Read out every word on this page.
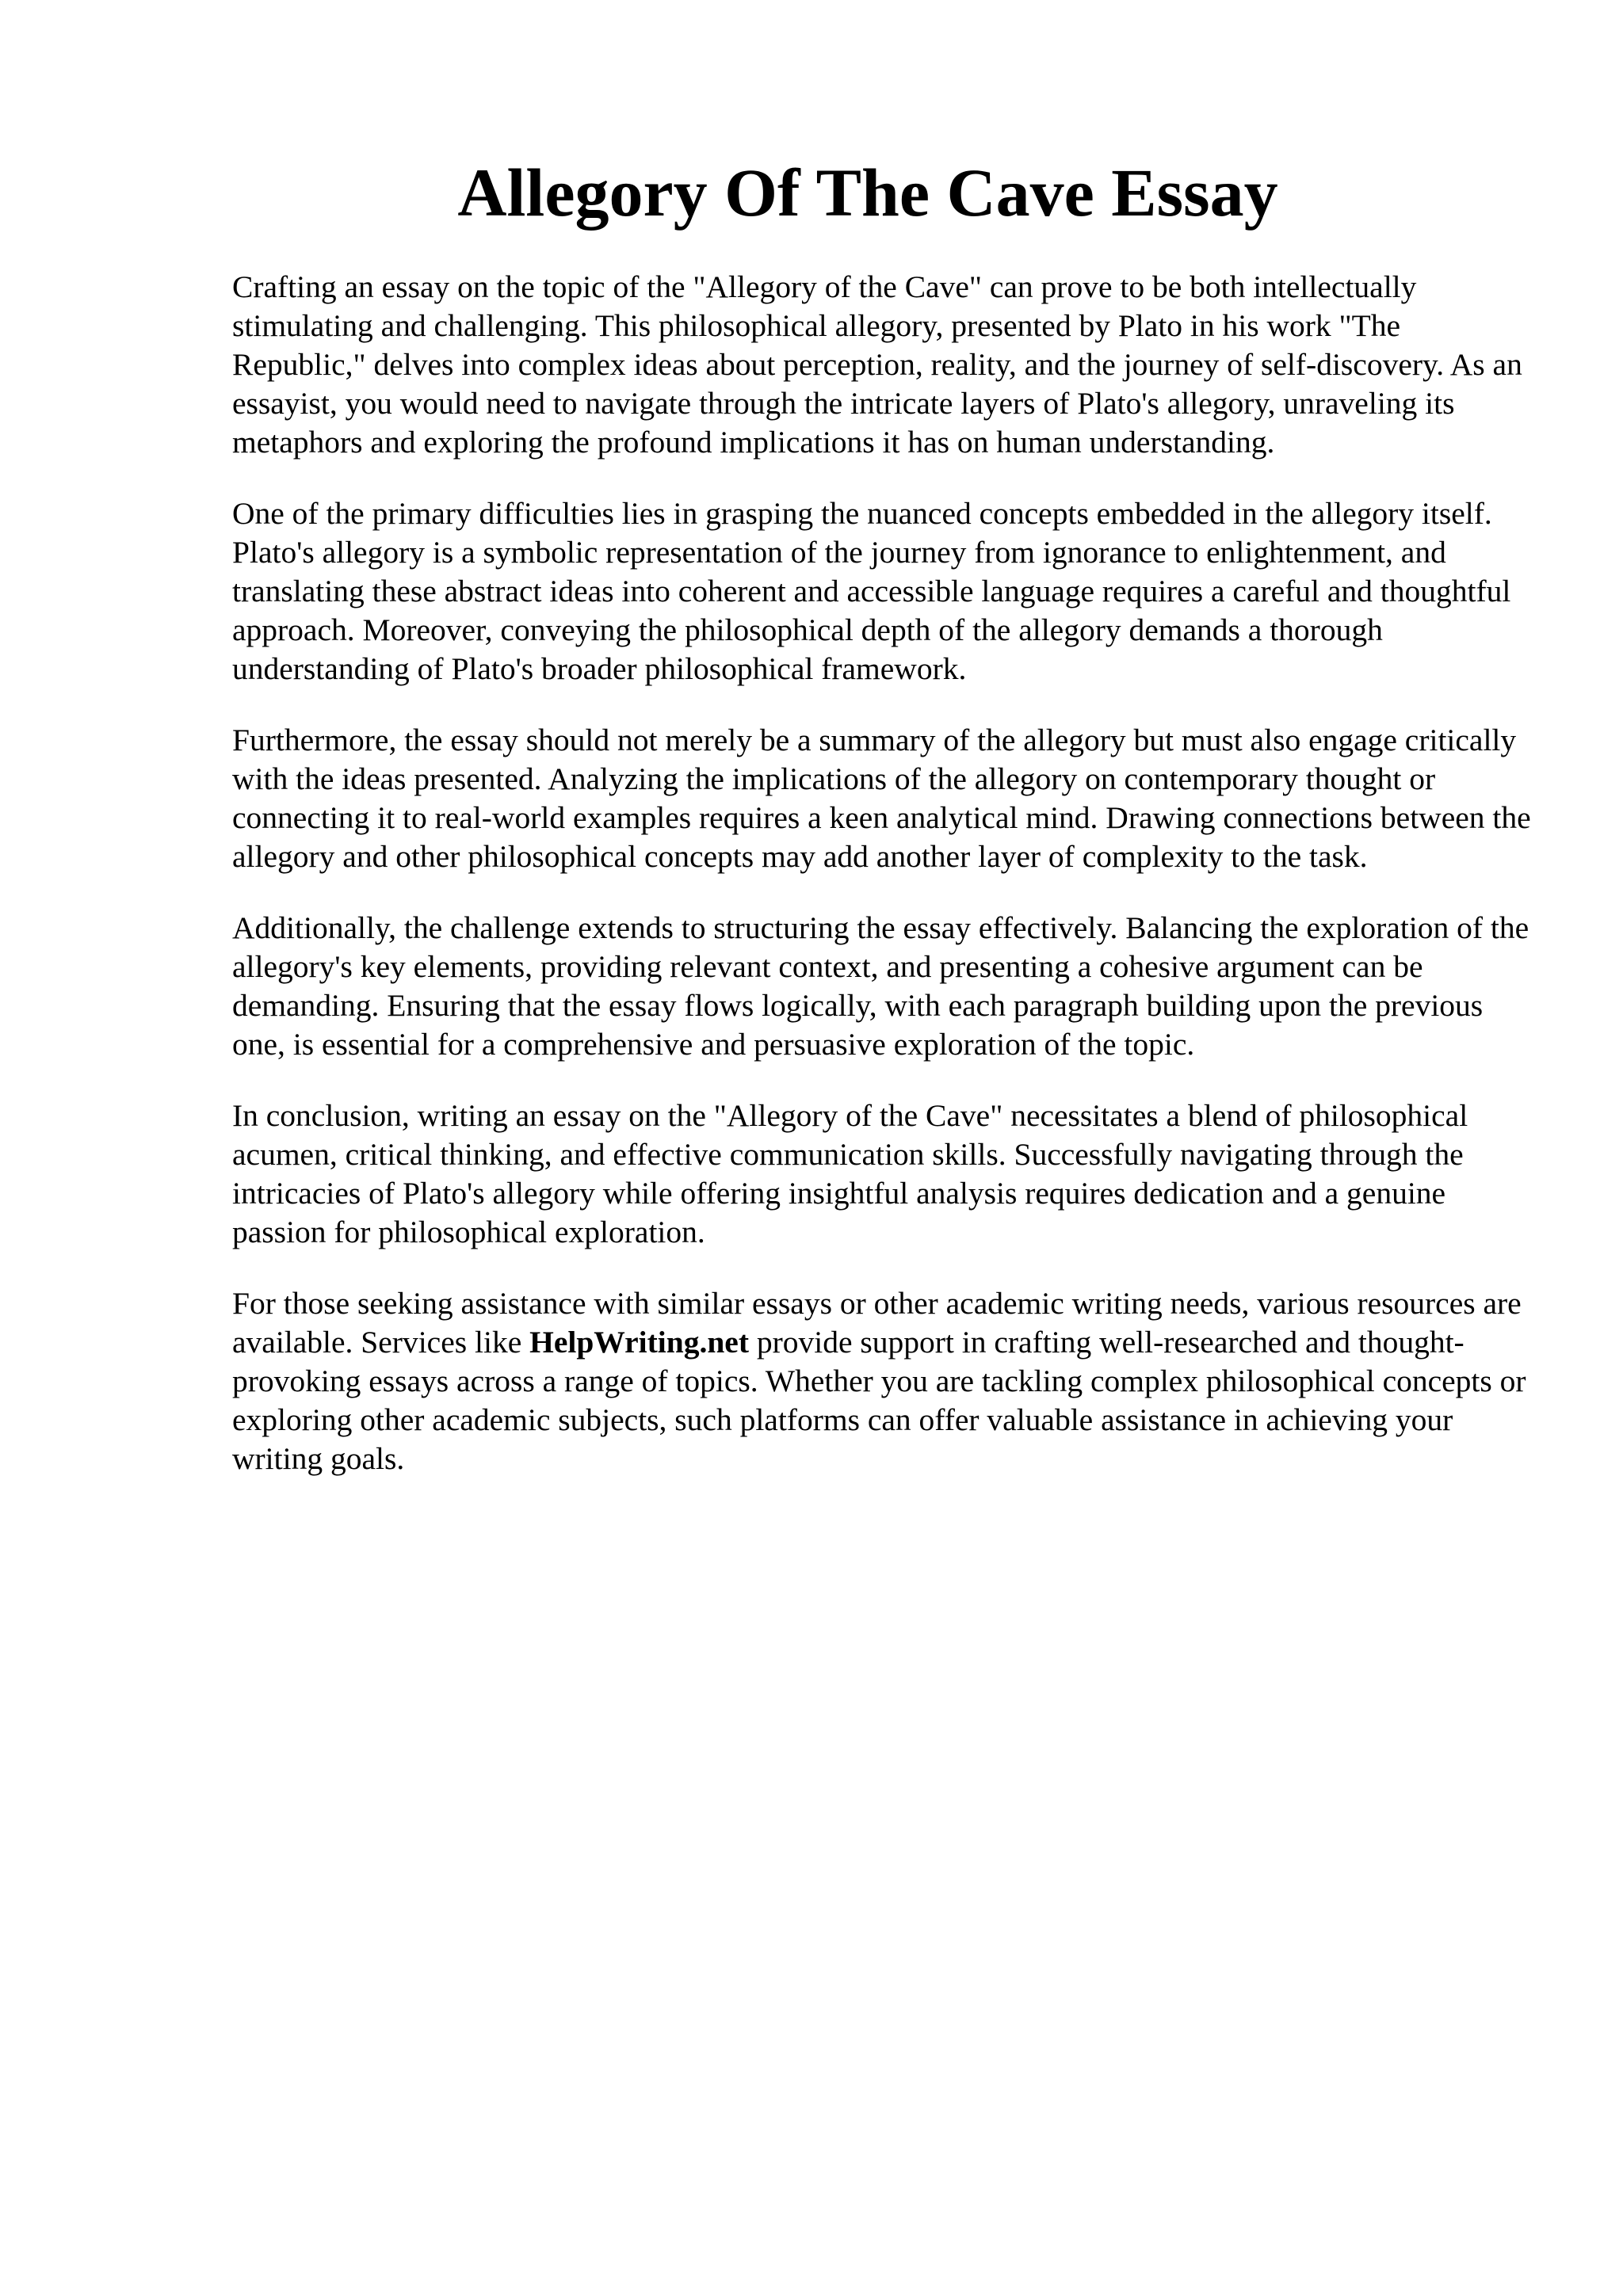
Allegory Of The Cave Essay

Crafting an essay on the topic of the "Allegory of the Cave" can prove to be both intellectually stimulating and challenging. This philosophical allegory, presented by Plato in his work "The Republic," delves into complex ideas about perception, reality, and the journey of self-discovery. As an essayist, you would need to navigate through the intricate layers of Plato's allegory, unraveling its metaphors and exploring the profound implications it has on human understanding.

One of the primary difficulties lies in grasping the nuanced concepts embedded in the allegory itself. Plato's allegory is a symbolic representation of the journey from ignorance to enlightenment, and translating these abstract ideas into coherent and accessible language requires a careful and thoughtful approach. Moreover, conveying the philosophical depth of the allegory demands a thorough understanding of Plato's broader philosophical framework.

Furthermore, the essay should not merely be a summary of the allegory but must also engage critically with the ideas presented. Analyzing the implications of the allegory on contemporary thought or connecting it to real-world examples requires a keen analytical mind. Drawing connections between the allegory and other philosophical concepts may add another layer of complexity to the task.

Additionally, the challenge extends to structuring the essay effectively. Balancing the exploration of the allegory's key elements, providing relevant context, and presenting a cohesive argument can be demanding. Ensuring that the essay flows logically, with each paragraph building upon the previous one, is essential for a comprehensive and persuasive exploration of the topic.

In conclusion, writing an essay on the "Allegory of the Cave" necessitates a blend of philosophical acumen, critical thinking, and effective communication skills. Successfully navigating through the intricacies of Plato's allegory while offering insightful analysis requires dedication and a genuine passion for philosophical exploration.

For those seeking assistance with similar essays or other academic writing needs, various resources are available. Services like HelpWriting.net provide support in crafting well-researched and thought-provoking essays across a range of topics. Whether you are tackling complex philosophical concepts or exploring other academic subjects, such platforms can offer valuable assistance in achieving your writing goals.
